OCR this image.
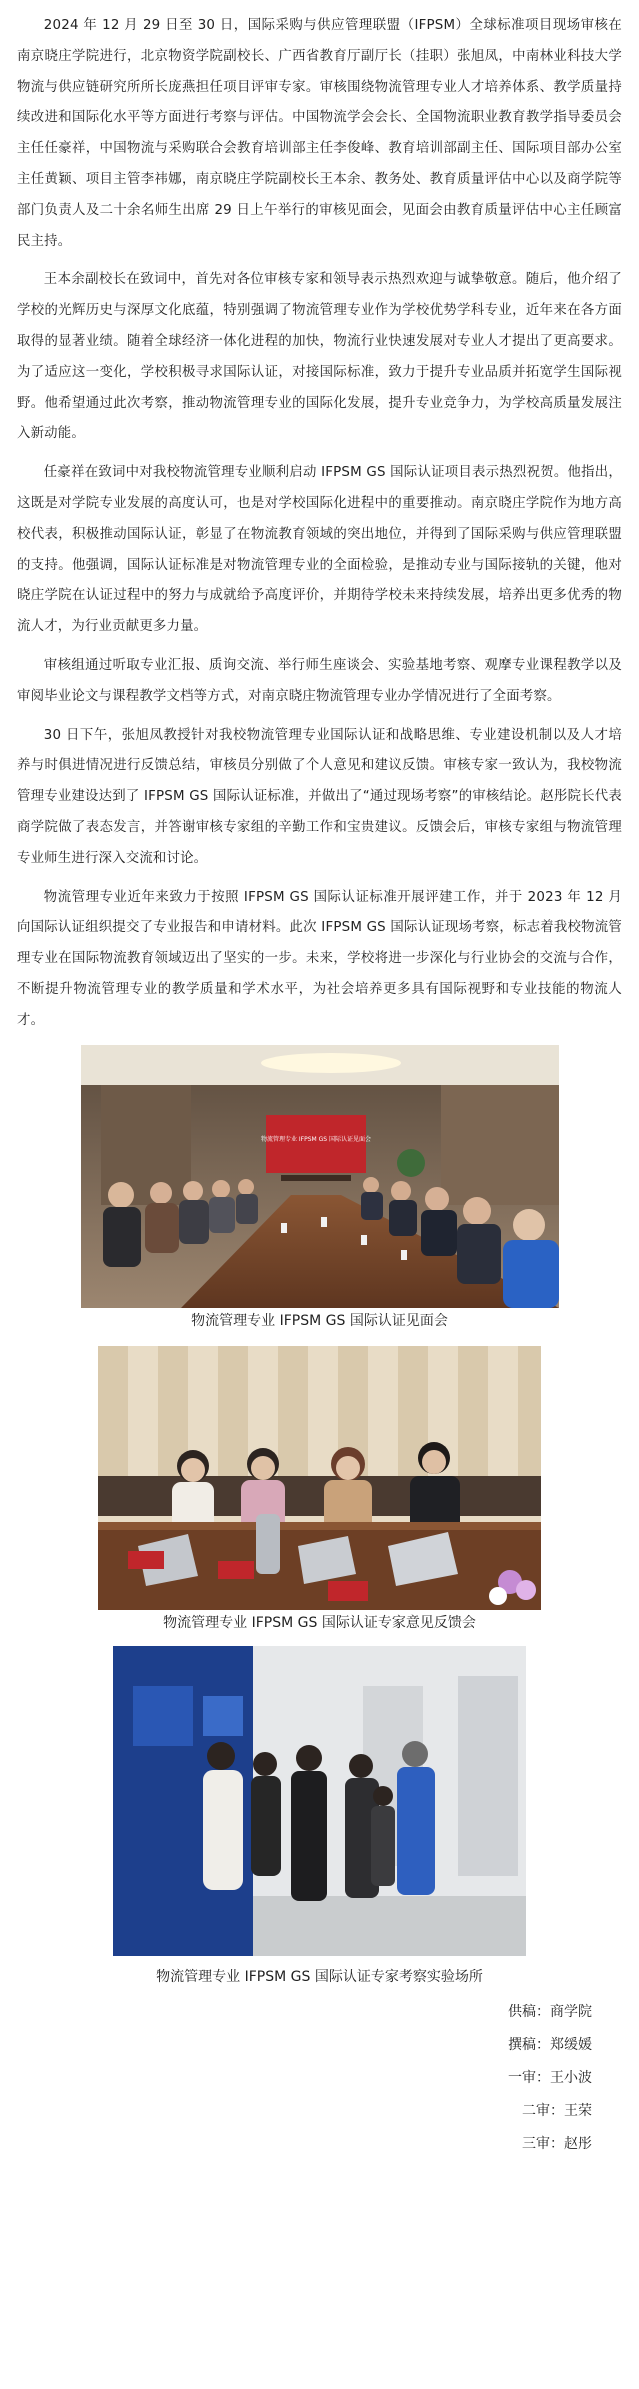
2024 年 12 月 29 日至 30 日，国际采购与供应管理联盟（IFPSM）全球标准项目现场审核在南京晓庄学院进行，北京物资学院副校长、广西省教育厅副厅长（挂职）张旭凤，中南林业科技大学物流与供应链研究所所长庞燕担任项目评审专家。审核围绕物流管理专业人才培养体系、教学质量持续改进和国际化水平等方面进行考察与评估。中国物流学会会长、全国物流职业教育教学指导委员会主任任豪祥，中国物流与采购联合会教育培训部主任李俊峰、教育培训部副主任、国际项目部办公室主任黄颖、项目主管李祎娜，南京晓庄学院副校长王本余、教务处、教育质量评估中心以及商学院等部门负责人及二十余名师生出席 29 日上午举行的审核见面会，见面会由教育质量评估中心主任顾富民主持。

王本余副校长在致词中，首先对各位审核专家和领导表示热烈欢迎与诚挚敬意。随后，他介绍了学校的光辉历史与深厚文化底蕴，特别强调了物流管理专业作为学校优势学科专业，近年来在各方面取得的显著业绩。随着全球经济一体化进程的加快，物流行业快速发展对专业人才提出了更高要求。为了适应这一变化，学校积极寻求国际认证，对接国际标准，致力于提升专业品质并拓宽学生国际视野。他希望通过此次考察，推动物流管理专业的国际化发展，提升专业竞争力，为学校高质量发展注入新动能。

任豪祥在致词中对我校物流管理专业顺利启动 IFPSM GS 国际认证项目表示热烈祝贺。他指出，这既是对学院专业发展的高度认可，也是对学校国际化进程中的重要推动。南京晓庄学院作为地方高校代表，积极推动国际认证，彰显了在物流教育领域的突出地位，并得到了国际采购与供应管理联盟的支持。他强调，国际认证标准是对物流管理专业的全面检验，是推动专业与国际接轨的关键，他对晓庄学院在认证过程中的努力与成就给予高度评价，并期待学校未来持续发展，培养出更多优秀的物流人才，为行业贡献更多力量。

审核组通过听取专业汇报、质询交流、举行师生座谈会、实验基地考察、观摩专业课程教学以及审阅毕业论文与课程教学文档等方式，对南京晓庄物流管理专业办学情况进行了全面考察。

30 日下午，张旭凤教授针对我校物流管理专业国际认证和战略思维、专业建设机制以及人才培养与时俱进情况进行反馈总结，审核员分别做了个人意见和建议反馈。审核专家一致认为，我校物流管理专业建设达到了 IFPSM GS 国际认证标准，并做出了“通过现场考察”的审核结论。赵彤院长代表商学院做了表态发言，并答谢审核专家组的辛勤工作和宝贵建议。反馈会后，审核专家组与物流管理专业师生进行深入交流和讨论。

物流管理专业近年来致力于按照 IFPSM GS 国际认证标准开展评建工作，并于 2023 年 12 月向国际认证组织提交了专业报告和申请材料。此次 IFPSM GS 国际认证现场考察，标志着我校物流管理专业在国际物流教育领域迈出了坚实的一步。未来，学校将进一步深化与行业协会的交流与合作，不断提升物流管理专业的教学质量和学术水平，为社会培养更多具有国际视野和专业技能的物流人才。

物流管理专业 IFPSM GS 国际认证见面会
物流管理专业 IFPSM GS 国际认证见面会
物流管理专业 IFPSM GS 国际认证专家意见反馈会
物流管理专业 IFPSM GS 国际认证专家考察实验场所
供稿：商学院
撰稿：郑缓媛
一审：王小波
二审：王荣
三审：赵彤
